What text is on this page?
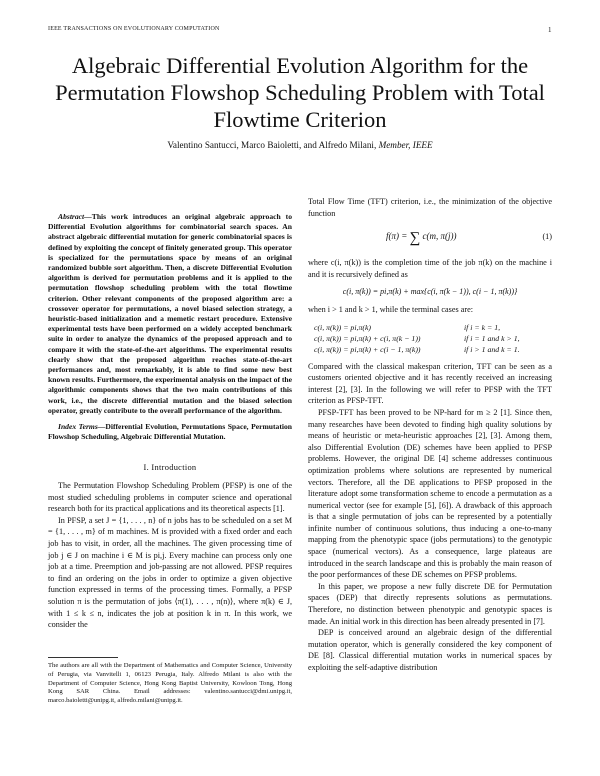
IEEE TRANSACTIONS ON EVOLUTIONARY COMPUTATION	1
Algebraic Differential Evolution Algorithm for the Permutation Flowshop Scheduling Problem with Total Flowtime Criterion
Valentino Santucci, Marco Baioletti, and Alfredo Milani, Member, IEEE

Abstract—This work introduces an original algebraic approach to Differential Evolution algorithms for combinatorial search spaces. An abstract algebraic differential mutation for generic combinatorial spaces is defined by exploiting the concept of finitely generated group. This operator is specialized for the permutations space by means of an original randomized bubble sort algorithm. Then, a discrete Differential Evolution algorithm is derived for permutation problems and it is applied to the permutation flowshop scheduling problem with the total flowtime criterion. Other relevant components of the proposed algorithm are: a crossover operator for permutations, a novel biased selection strategy, a heuristic-based initialization and a memetic restart procedure. Extensive experimental tests have been performed on a widely accepted benchmark suite in order to analyze the dynamics of the proposed approach and to compare it with the state-of-the-art algorithms. The experimental results clearly show that the proposed algorithm reaches state-of-the-art performances and, most remarkably, it is able to find some new best known results. Furthermore, the experimental analysis on the impact of the algorithmic components shows that the two main contributions of this work, i.e., the discrete differential mutation and the biased selection operator, greatly contribute to the overall performance of the algorithm.

Index Terms—Differential Evolution, Permutations Space, Permutation Flowshop Scheduling, Algebraic Differential Mutation.

I. Introduction

The Permutation Flowshop Scheduling Problem (PFSP) is one of the most studied scheduling problems in computer science and operational research both for its practical applications and its theoretical aspects [1].

In PFSP, a set J = {1, . . . , n} of n jobs has to be scheduled on a set M = {1, . . . , m} of m machines. M is provided with a fixed order and each job has to visit, in order, all the machines. The given processing time of job j ∈ J on machine i ∈ M is pi,j. Every machine can process only one job at a time. Preemption and job-passing are not allowed. PFSP requires to find an ordering on the jobs in order to optimize a given objective function expressed in terms of the processing times. Formally, a PFSP solution π is the permutation of jobs ⟨π(1), . . . , π(n)⟩, where π(k) ∈ J, with 1 ≤ k ≤ n, indicates the job at position k in π. In this work, we consider the

The authors are all with the Department of Mathematics and Computer Science, University of Perugia, via Vanvitelli 1, 06123 Perugia, Italy. Alfredo Milani is also with the Department of Computer Science, Hong Kong Baptist University, Kowloon Tong, Hong Kong SAR China. Email addresses: valentino.santucci@dmi.unipg.it, marco.baioletti@unipg.it, alfredo.milani@unipg.it.

Total Flow Time (TFT) criterion, i.e., the minimization of the objective function

f(π) = ∑ c(m, π(j))	(1)

where c(i, π(k)) is the completion time of the job π(k) on the machine i and it is recursively defined as

c(i, π(k)) = pi,π(k) + max{c(i, π(k − 1)), c(i − 1, π(k))}

when i > 1 and k > 1, while the terminal cases are:

c(i, π(k)) = pi,π(k)	if i = k = 1,
c(i, π(k)) = pi,π(k) + c(i, π(k − 1))	if i = 1 and k > 1,
c(i, π(k)) = pi,π(k) + c(i − 1, π(k))	if i > 1 and k = 1.

Compared with the classical makespan criterion, TFT can be seen as a customers oriented objective and it has recently received an increasing interest [2], [3]. In the following we will refer to PFSP with the TFT criterion as PFSP-TFT.

PFSP-TFT has been proved to be NP-hard for m ≥ 2 [1]. Since then, many researches have been devoted to finding high quality solutions by means of heuristic or meta-heuristic approaches [2], [3]. Among them, also Differential Evolution (DE) schemes have been applied to PFSP problems. However, the original DE [4] scheme addresses continuous optimization problems where solutions are represented by numerical vectors. Therefore, all the DE applications to PFSP proposed in the literature adopt some transformation scheme to encode a permutation as a numerical vector (see for example [5], [6]). A drawback of this approach is that a single permutation of jobs can be represented by a potentially infinite number of continuous solutions, thus inducing a one-to-many mapping from the phenotypic space (jobs permutations) to the genotypic space (numerical vectors). As a consequence, large plateaus are introduced in the search landscape and this is probably the main reason of the poor performances of these DE schemes on PFSP problems.

In this paper, we propose a new fully discrete DE for Permutation spaces (DEP) that directly represents solutions as permutations. Therefore, no distinction between phenotypic and genotypic spaces is made. An initial work in this direction has been already presented in [7].

DEP is conceived around an algebraic design of the differential mutation operator, which is generally considered the key component of DE [8]. Classical differential mutation works in numerical spaces by exploiting the self-adaptive distribution
